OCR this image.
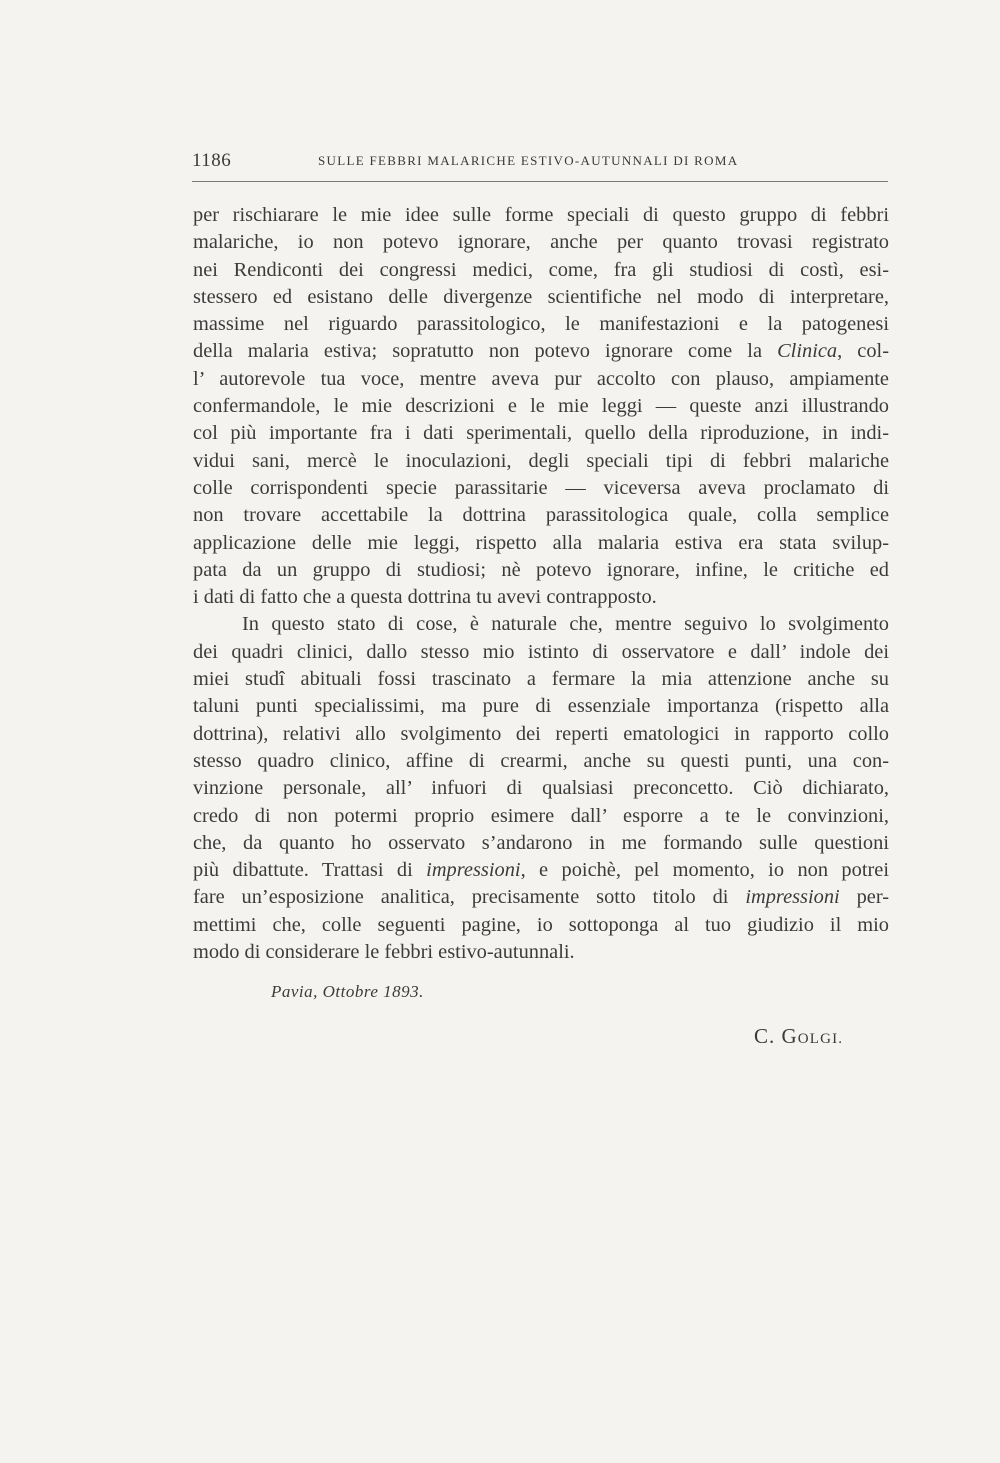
1186	SULLE FEBBRI MALARICHE ESTIVO-AUTUNNALI DI ROMA
per rischiarare le mie idee sulle forme speciali di questo gruppo di febbri
malariche, io non potevo ignorare, anche per quanto trovasi registrato
nei Rendiconti dei congressi medici, come, fra gli studiosi di costì, esi-
stessero ed esistano delle divergenze scientifiche nel modo di interpretare,
massime nel riguardo parassitologico, le manifestazioni e la patogenesi
della malaria estiva; sopratutto non potevo ignorare come la Clinica, col-
l’ autorevole tua voce, mentre aveva pur accolto con plauso, ampiamente
confermandole, le mie descrizioni e le mie leggi — queste anzi illustrando
col più importante fra i dati sperimentali, quello della riproduzione, in indi-
vidui sani, mercè le inoculazioni, degli speciali tipi di febbri malariche
colle corrispondenti specie parassitarie — viceversa aveva proclamato di
non trovare accettabile la dottrina parassitologica quale, colla semplice
applicazione delle mie leggi, rispetto alla malaria estiva era stata svilup-
pata da un gruppo di studiosi; nè potevo ignorare, infine, le critiche ed
i dati di fatto che a questa dottrina tu avevi contrapposto.
In questo stato di cose, è naturale che, mentre seguivo lo svolgimento
dei quadri clinici, dallo stesso mio istinto di osservatore e dall’ indole dei
miei studî abituali fossi trascinato a fermare la mia attenzione anche su
taluni punti specialissimi, ma pure di essenziale importanza (rispetto alla
dottrina), relativi allo svolgimento dei reperti ematologici in rapporto collo
stesso quadro clinico, affine di crearmi, anche su questi punti, una con-
vinzione personale, all’ infuori di qualsiasi preconcetto. Ciò dichiarato,
credo di non potermi proprio esimere dall’ esporre a te le convinzioni,
che, da quanto ho osservato s’andarono in me formando sulle questioni
più dibattute. Trattasi di impressioni, e poichè, pel momento, io non potrei
fare un’esposizione analitica, precisamente sotto titolo di impressioni per-
mettimi che, colle seguenti pagine, io sottoponga al tuo giudizio il mio
modo di considerare le febbri estivo-autunnali.
Pavia, Ottobre 1893.
C. GOLGI.
